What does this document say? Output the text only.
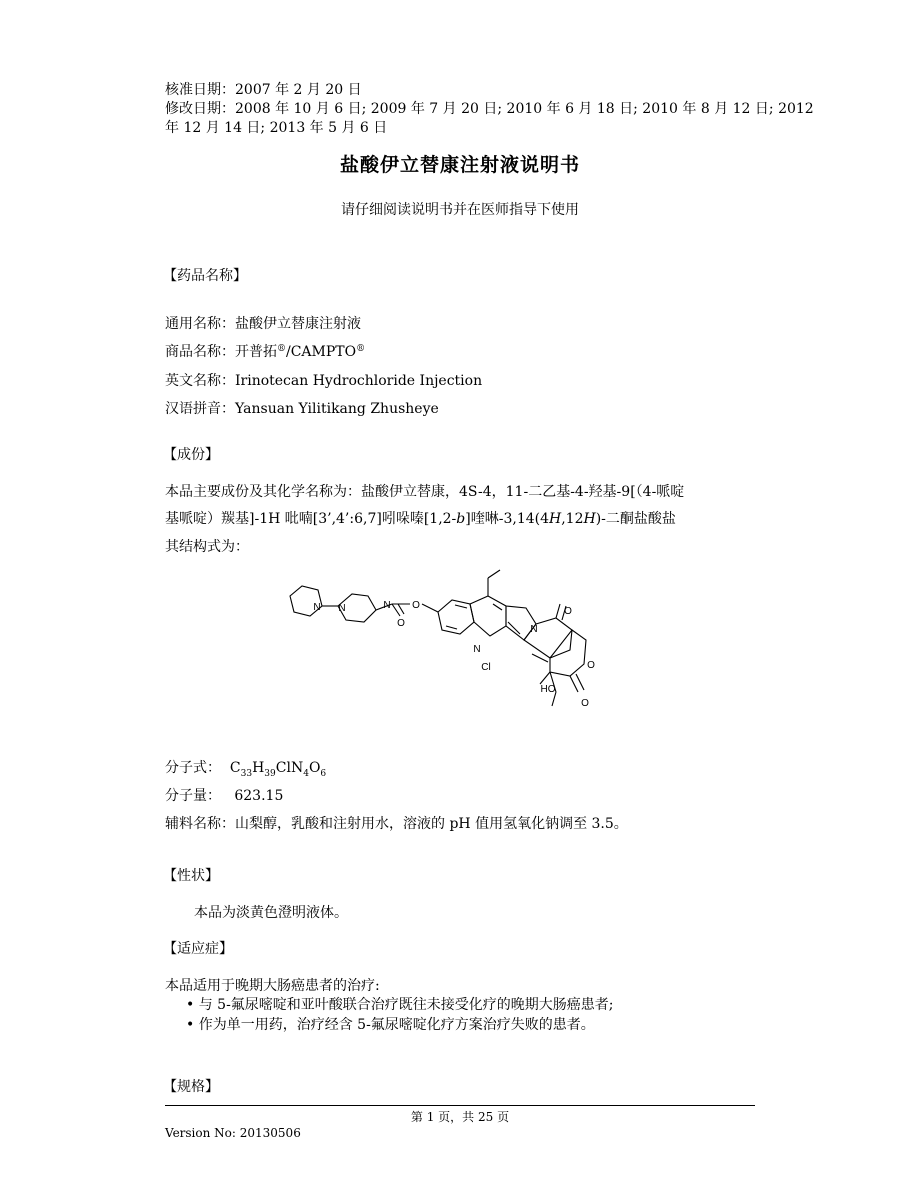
核准日期：2007 年 2 月 20 日
修改日期：2008 年 10 月 6 日; 2009 年 7 月 20 日; 2010 年 6 月 18 日; 2010 年 8 月 12 日; 2012
年 12 月 14 日; 2013 年 5 月 6 日
盐酸伊立替康注射液说明书
请仔细阅读说明书并在医师指导下使用
【药品名称】
通用名称：盐酸伊立替康注射液
商品名称：开普拓®/CAMPTO®
英文名称：Irinotecan Hydrochloride Injection
汉语拼音：Yansuan Yilitikang Zhusheye
【成份】
本品主要成份及其化学名称为：盐酸伊立替康，4S-4，11-二乙基-4-羟基-9[（4-哌啶
基哌啶）羰基]-1H 吡喃[3’,4’:6,7]吲哚嗪[1,2-b]喹啉-3,14(4H,12H)-二酮盐酸盐
其结构式为：
N N	N
O
O
N
N
O
O
O
HO
Cl
分子式： $C_{33}H_{39}ClN_4O_6$
分子量： 623.15
辅料名称：山梨醇，乳酸和注射用水，溶液的 pH 值用氢氧化钠调至 3.5。
【性状】
本品为淡黄色澄明液体。
【适应症】
本品适用于晚期大肠癌患者的治疗:
• 与 5-氟尿嘧啶和亚叶酸联合治疗既往未接受化疗的晚期大肠癌患者;
• 作为单一用药，治疗经含 5-氟尿嘧啶化疗方案治疗失败的患者。
【规格】
第 1 页，共 25 页
Version No: 20130506
